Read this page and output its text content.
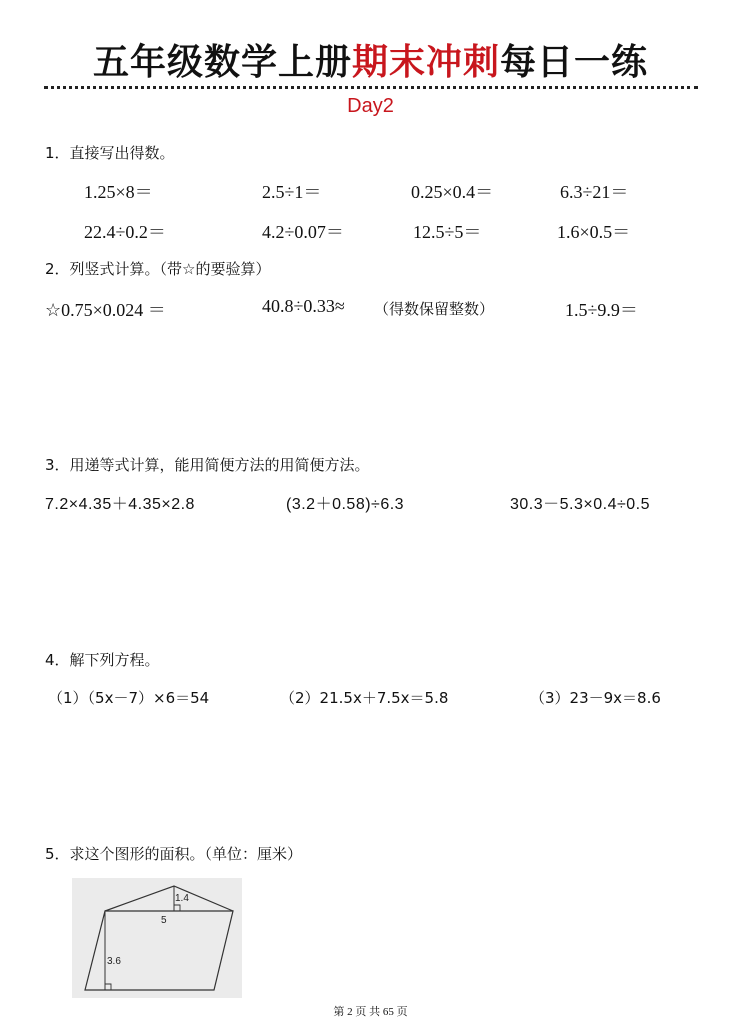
五年级数学上册期末冲刺每日一练
Day2
1．直接写出得数。
1.25×8＝	2.5÷1＝	0.25×0.4＝	6.3÷21＝
22.4÷0.2＝	4.2÷0.07＝	12.5÷5＝	1.6×0.5＝
2．列竖式计算。（带☆的要验算）
☆0.75×0.024 ＝	40.8÷0.33≈ （得数保留整数）	1.5÷9.9＝
3．用递等式计算，能用简便方法的用简便方法。
7.2×4.35＋4.35×2.8	(3.2＋0.58)÷6.3	30.3－5.3×0.4÷0.5
4．解下列方程。
（1）（5x－7）×6＝54	（2）21.5x＋7.5x＝5.8	（3）23－9x＝8.6
5．求这个图形的面积。（单位：厘米）
1.4
5
3.6
第 2 页 共 65 页
